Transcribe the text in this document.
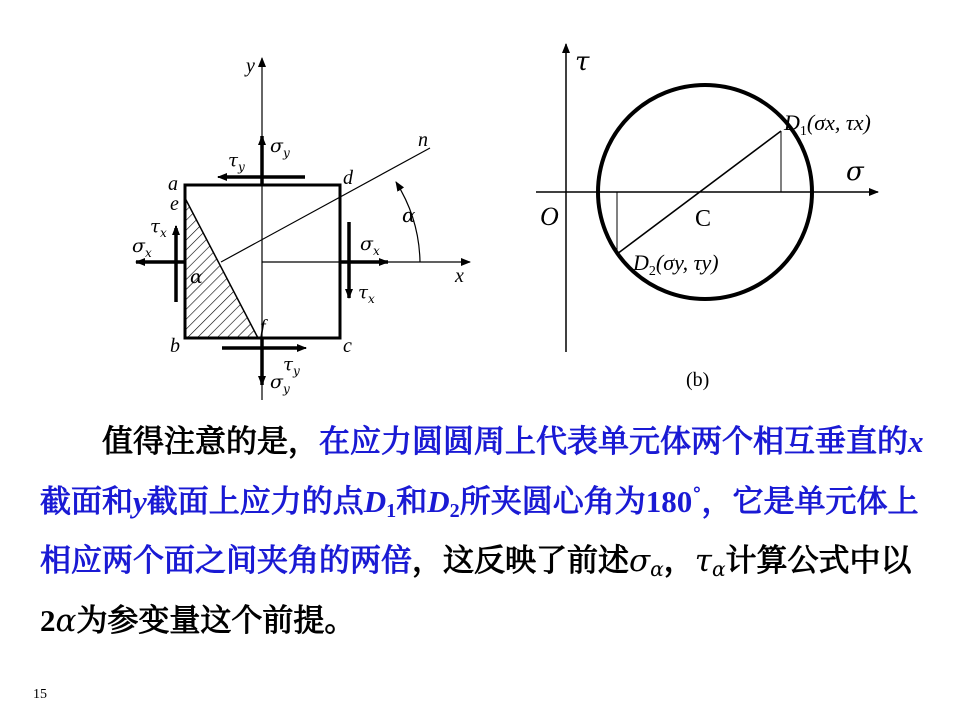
y
x
n
α
a
e
d
b	c
f
α
$\sigma_y$
$\tau_y$
$\sigma_y$
$\tau_y$
$\sigma_x$
$\tau_x$	$\sigma_x$
$\tau_x$
τ
σ
O	C
$D_1(\sigma x$, τx)
$D_2(\sigma y$, τy)
(b)
值得注意的是，在应力圆圆周上代表单元体两个相互垂直的x截面和y截面上应力的点$D_1$和$D_2$所夹圆心角为180°，它是单元体上相应两个面之间夹角的两倍，这反映了前述$\sigma_\alpha$，$\tau_\alpha$计算公式中以2α为参变量这个前提。
15
